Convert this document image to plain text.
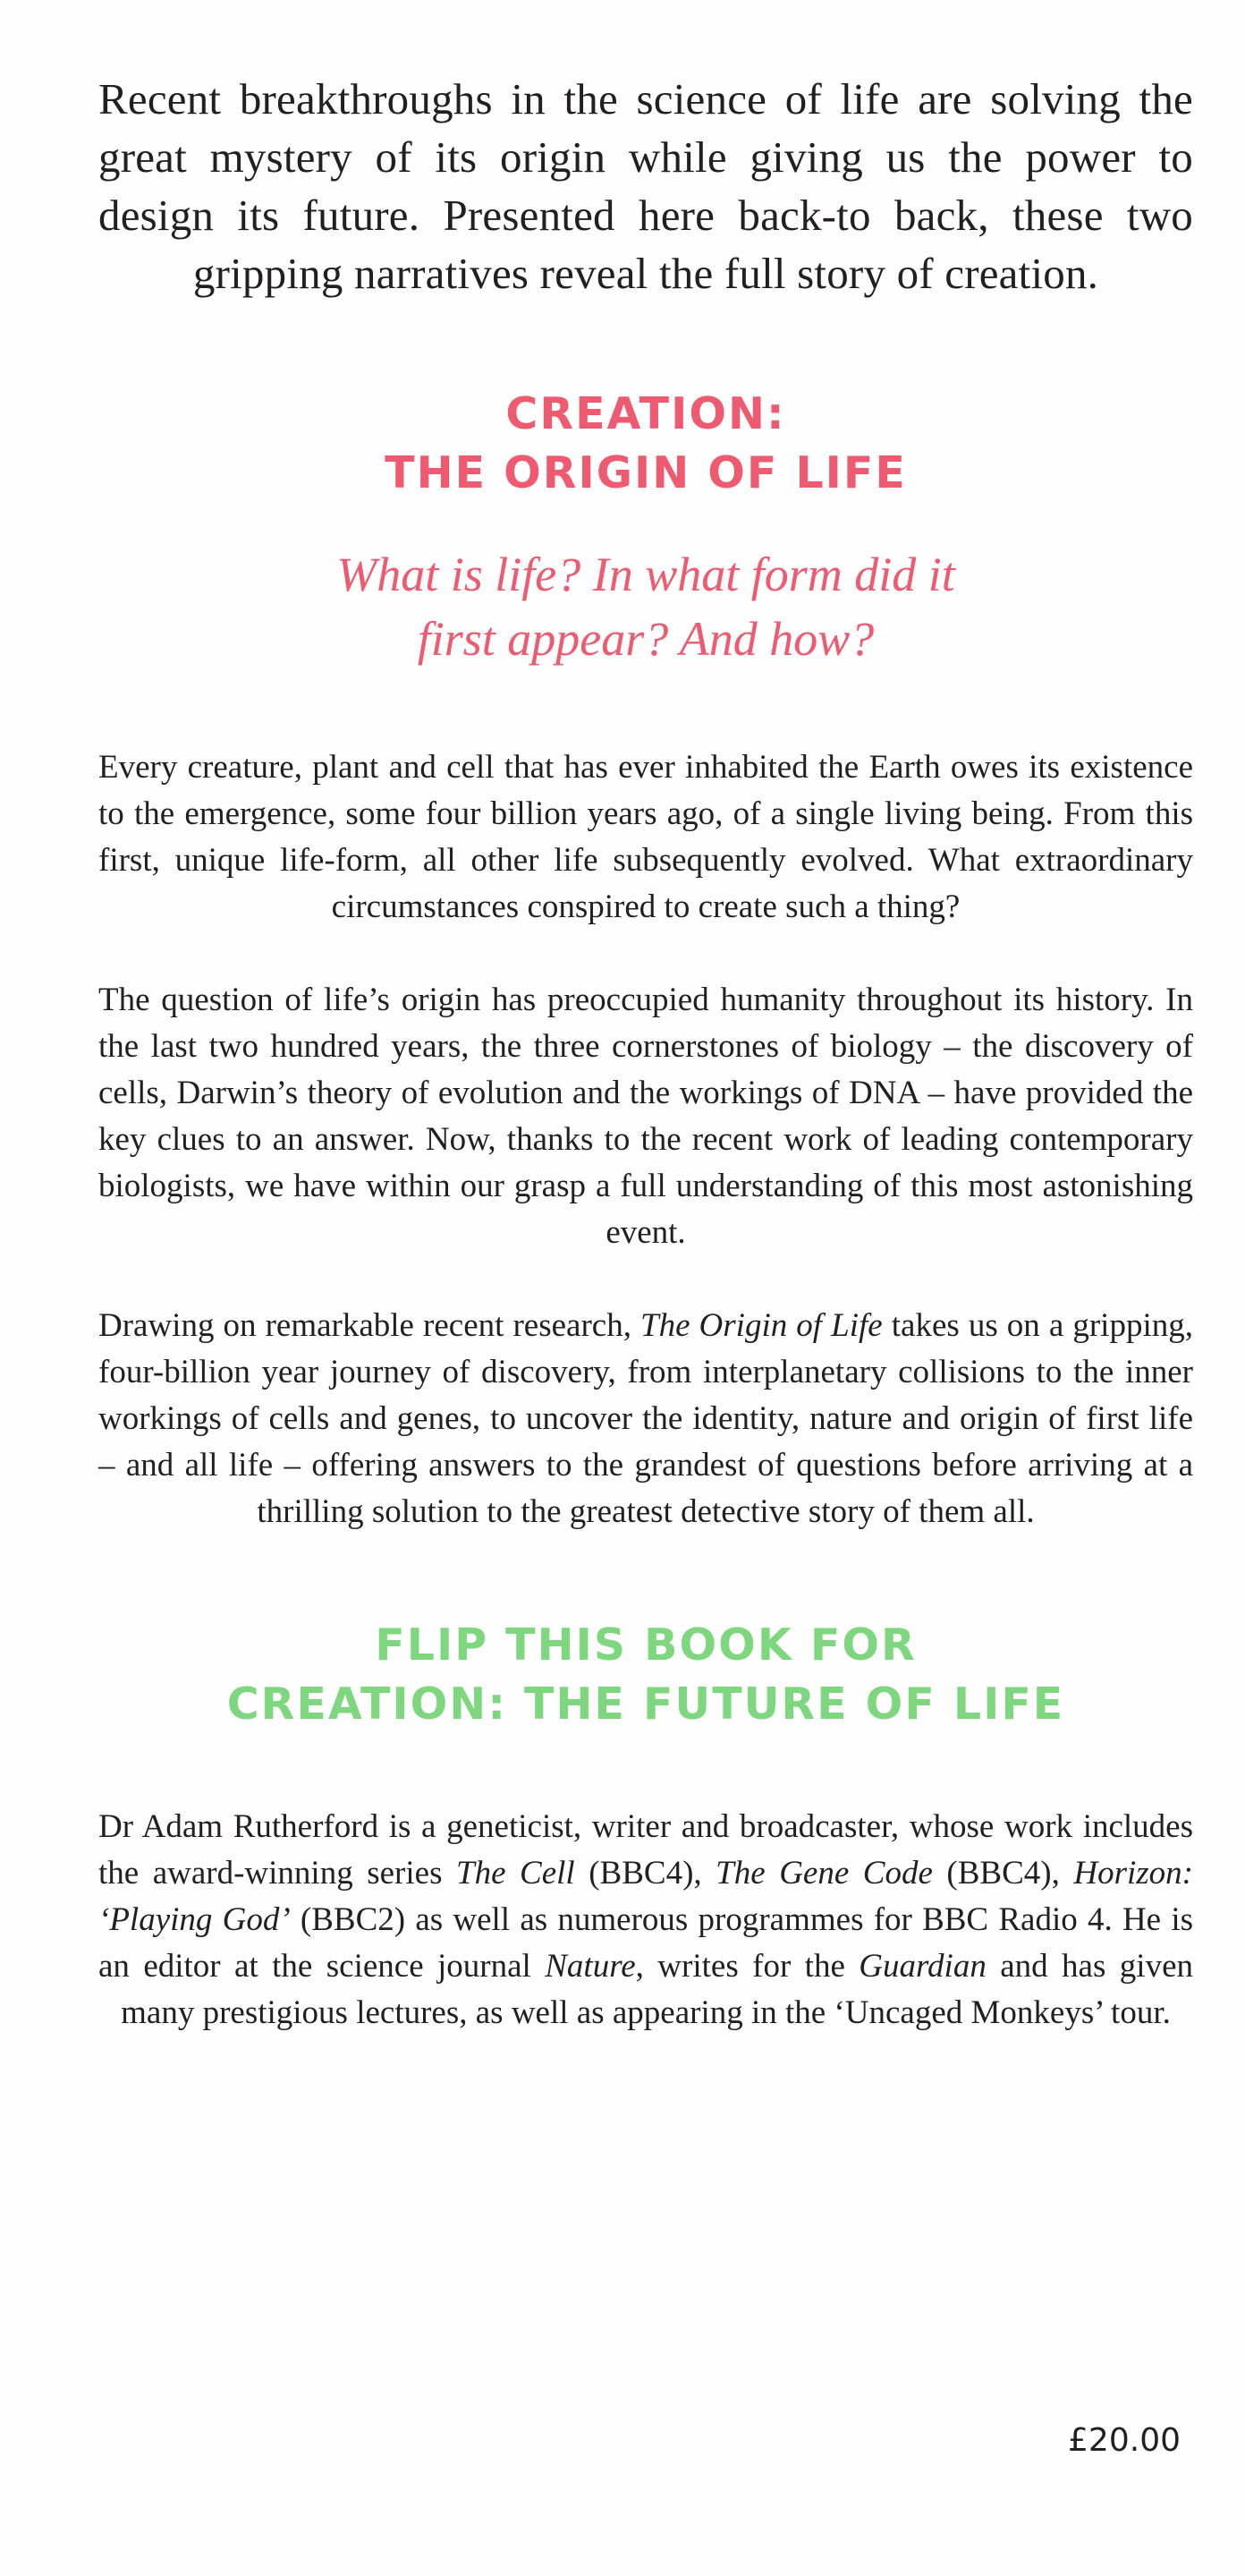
Recent breakthroughs in the science of life are solving the great mystery of its origin while giving us the power to design its future. Presented here back-to back, these two gripping narratives reveal the full story of creation.

CREATION:
THE ORIGIN OF LIFE

What is life? In what form did it
first appear? And how?

Every creature, plant and cell that has ever inhabited the Earth owes its existence to the emergence, some four billion years ago, of a single living being. From this first, unique life-form, all other life subsequently evolved. What extraordinary circumstances conspired to create such a thing?

The question of life’s origin has preoccupied humanity throughout its history. In the last two hundred years, the three cornerstones of biology – the discovery of cells, Darwin’s theory of evolution and the workings of DNA – have provided the key clues to an answer. Now, thanks to the recent work of leading contemporary biologists, we have within our grasp a full understanding of this most astonishing event.

Drawing on remarkable recent research, The Origin of Life takes us on a gripping, four-billion year journey of discovery, from interplanetary collisions to the inner workings of cells and genes, to uncover the identity, nature and origin of first life – and all life – offering answers to the grandest of questions before arriving at a thrilling solution to the greatest detective story of them all.

FLIP THIS BOOK FOR
CREATION: THE FUTURE OF LIFE

Dr Adam Rutherford is a geneticist, writer and broadcaster, whose work includes the award-winning series The Cell (BBC4), The Gene Code (BBC4), Horizon: ‘Playing God’ (BBC2) as well as numerous programmes for BBC Radio 4. He is an editor at the science journal Nature, writes for the Guardian and has given many prestigious lectures, as well as appearing in the ‘Uncaged Monkeys’ tour.

£20.00
